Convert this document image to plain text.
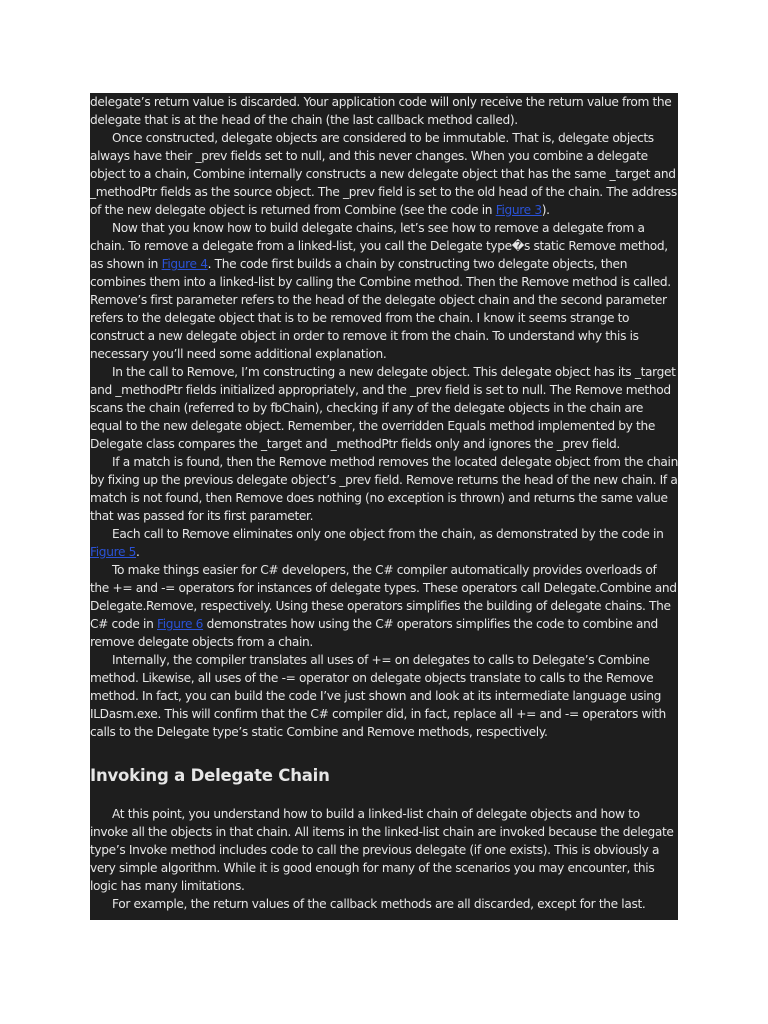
delegate’s return value is discarded. Your application code will only receive the return value from the delegate that is at the head of the chain (the last callback method called).

Once constructed, delegate objects are considered to be immutable. That is, delegate objects always have their _prev fields set to null, and this never changes. When you combine a delegate object to a chain, Combine internally constructs a new delegate object that has the same _target and _methodPtr fields as the source object. The _prev field is set to the old head of the chain. The address of the new delegate object is returned from Combine (see the code in Figure 3).

Now that you know how to build delegate chains, let’s see how to remove a delegate from a chain. To remove a delegate from a linked-list, you call the Delegate type�s static Remove method, as shown in Figure 4. The code first builds a chain by constructing two delegate objects, then combines them into a linked-list by calling the Combine method. Then the Remove method is called. Remove’s first parameter refers to the head of the delegate object chain and the second parameter refers to the delegate object that is to be removed from the chain. I know it seems strange to construct a new delegate object in order to remove it from the chain. To understand why this is necessary you’ll need some additional explanation.

In the call to Remove, I’m constructing a new delegate object. This delegate object has its _target and _methodPtr fields initialized appropriately, and the _prev field is set to null. The Remove method scans the chain (referred to by fbChain), checking if any of the delegate objects in the chain are equal to the new delegate object. Remember, the overridden Equals method implemented by the Delegate class compares the _target and _methodPtr fields only and ignores the _prev field.

If a match is found, then the Remove method removes the located delegate object from the chain by fixing up the previous delegate object’s _prev field. Remove returns the head of the new chain. If a match is not found, then Remove does nothing (no exception is thrown) and returns the same value that was passed for its first parameter.

Each call to Remove eliminates only one object from the chain, as demonstrated by the code in Figure 5.

To make things easier for C# developers, the C# compiler automatically provides overloads of the += and -= operators for instances of delegate types. These operators call Delegate.Combine and Delegate.Remove, respectively. Using these operators simplifies the building of delegate chains. The C# code in Figure 6 demonstrates how using the C# operators simplifies the code to combine and remove delegate objects from a chain.

Internally, the compiler translates all uses of += on delegates to calls to Delegate’s Combine method. Likewise, all uses of the -= operator on delegate objects translate to calls to the Remove method. In fact, you can build the code I’ve just shown and look at its intermediate language using ILDasm.exe. This will confirm that the C# compiler did, in fact, replace all += and -= operators with calls to the Delegate type’s static Combine and Remove methods, respectively.

Invoking a Delegate Chain

At this point, you understand how to build a linked-list chain of delegate objects and how to invoke all the objects in that chain. All items in the linked-list chain are invoked because the delegate type’s Invoke method includes code to call the previous delegate (if one exists). This is obviously a very simple algorithm. While it is good enough for many of the scenarios you may encounter, this logic has many limitations.

For example, the return values of the callback methods are all discarded, except for the last.
